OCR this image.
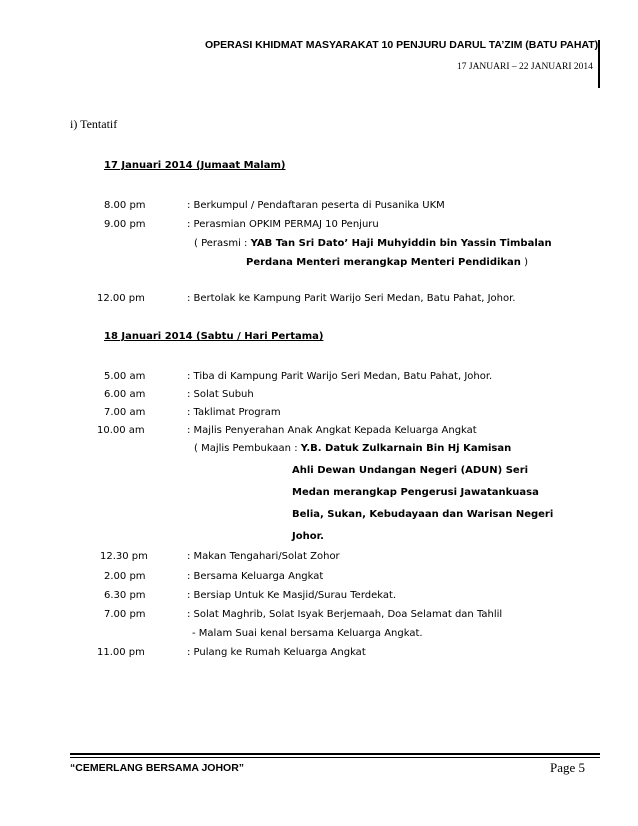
OPERASI KHIDMAT MASYARAKAT 10 PENJURU DARUL TA’ZIM (BATU PAHAT)
17 JANUARI – 22 JANUARI 2014
i) Tentatif
17 Januari 2014 (Jumaat Malam)
8.00 pm	: Berkumpul / Pendaftaran peserta di Pusanika UKM
9.00 pm	: Perasmian OPKIM PERMAJ 10 Penjuru
( Perasmi : YAB Tan Sri Dato’ Haji Muhyiddin bin Yassin Timbalan
Perdana Menteri merangkap Menteri Pendidikan )
12.00 pm	: Bertolak ke Kampung Parit Warijo Seri Medan, Batu Pahat, Johor.
18 Januari 2014 (Sabtu / Hari Pertama)
5.00 am	: Tiba di Kampung Parit Warijo Seri Medan, Batu Pahat, Johor.
6.00 am	: Solat Subuh
7.00 am	: Taklimat Program
10.00 am	: Majlis Penyerahan Anak Angkat Kepada Keluarga Angkat
( Majlis Pembukaan : Y.B. Datuk Zulkarnain Bin Hj Kamisan
Ahli Dewan Undangan Negeri (ADUN) Seri
Medan merangkap Pengerusi Jawatankuasa
Belia, Sukan, Kebudayaan dan Warisan Negeri
Johor.
12.30 pm	: Makan Tengahari/Solat Zohor
2.00 pm	: Bersama Keluarga Angkat
6.30 pm	: Bersiap Untuk Ke Masjid/Surau Terdekat.
7.00 pm	: Solat Maghrib, Solat Isyak Berjemaah, Doa Selamat dan Tahlil
- Malam Suai kenal bersama Keluarga Angkat.
11.00 pm	: Pulang ke Rumah Keluarga Angkat
“CEMERLANG BERSAMA JOHOR”	Page 5
